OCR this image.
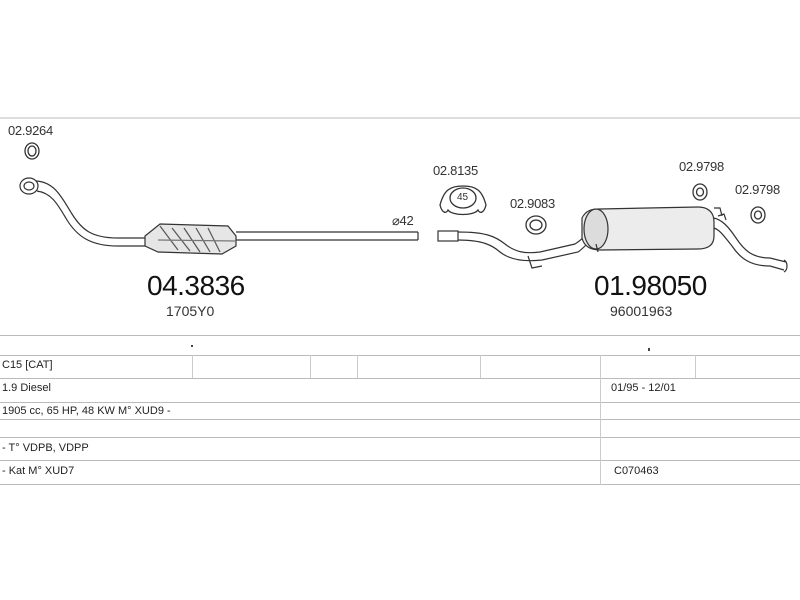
02.9264
02.8135
45	02.9083
02.9798
02.9798
⌀42
04.3836
1705Y0
01.98050
96001963
C15 [CAT]
1.9 Diesel	01/95 - 12/01
1905 cc, 65 HP, 48 KW M° XUD9 -
- T° VDPB, VDPP
- Kat M° XUD7	C070463
